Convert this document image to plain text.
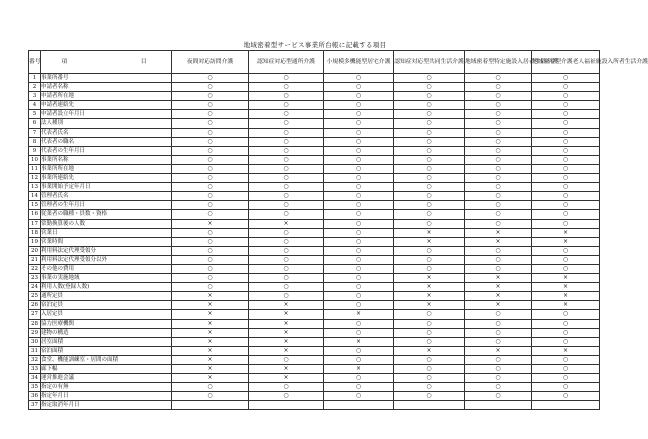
地域密着型サービス事業所台帳に記載する項目
番号	項　　　目	夜間対応訪問介護	認知症対応型通所介護	小規模多機能型居宅介護	認知症対応型共同生活介護	地域密着型特定施設入居者生活介護	地域密着型介護老人福祉施設入所者生活介護
1	事業所番号	○	○	○	○	○	○
2	申請者名称	○	○	○	○	○	○
3	申請者所在地	○	○	○	○	○	○
4	申請者連絡先	○	○	○	○	○	○
5	申請者設立年月日	○	○	○	○	○	○
6	法人種別	○	○	○	○	○	○
7	代表者氏名	○	○	○	○	○	○
8	代表者の職名	○	○	○	○	○	○
9	代表者の生年月日	○	○	○	○	○	○
10	事業所名称	○	○	○	○	○	○
11	事業所所在地	○	○	○	○	○	○
12	事業所連絡先	○	○	○	○	○	○
13	事業開始予定年月日	○	○	○	○	○	○
14	管理者氏名	○	○	○	○	○	○
15	管理者の生年月日	○	○	○	○	○	○
16	従業者の職種・員数・資格	○	○	○	○	○	○
17	常勤換算後の人数	×	×	○	○	○	○
18	営業日	○	○	○	×	×	×
19	営業時間	○	○	○	×	×	×
20	利用料法定代理受領分	○	○	○	○	○	○
21	利用料法定代理受領分以外	○	○	○	○	○	○
22	その他の費用	○	○	○	○	○	○
23	事業の実施地域	○	○	○	×	×	×
24	利用人数(登録人数)	○	○	○	×	×	×
25	通所定員	×	○	○	×	×	×
26	宿泊定員	×	×	○	×	×	×
27	入居定員	×	×	×	○	○	○
28	協力医療機関	×	×	○	○	○	○
29	建物の構造	×	×	○	○	○	○
30	居室面積	×	×	×	○	○	○
31	宿泊面積	×	×	○	×	×	×
32	食堂、機能訓練室・居間の面積	×	○	○	○	○	○
33	廊下幅	×	×	×	○	○	○
34	運営推進会議	×	×	○	○	○	○
35	指定の有無	○	○	○	○	○	○
36	指定年月日	○	○	○	○	○	○
37	指定取消年月日						
